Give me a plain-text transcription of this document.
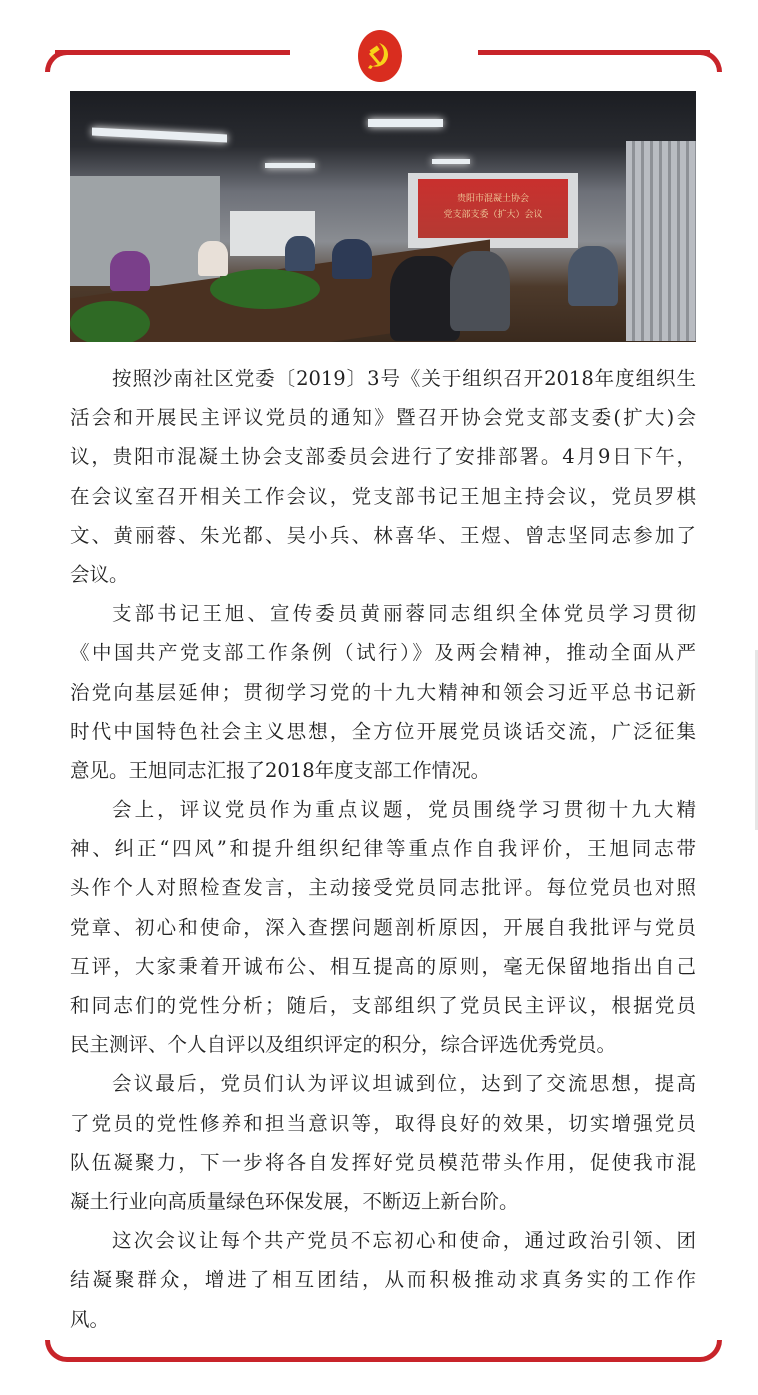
贵阳市混凝土协会
党支部支委（扩大）会议
按照沙南社区党委〔2019〕3号《关于组织召开2018年度组织生
活会和开展民主评议党员的通知》暨召开协会党支部支委(扩大)会
议，贵阳市混凝土协会支部委员会进行了安排部署。4月9日下午，
在会议室召开相关工作会议，党支部书记王旭主持会议，党员罗棋
文、黄丽蓉、朱光都、吴小兵、林喜华、王煜、曾志坚同志参加了
会议。
支部书记王旭、宣传委员黄丽蓉同志组织全体党员学习贯彻
《中国共产党支部工作条例（试行）》及两会精神，推动全面从严
治党向基层延伸；贯彻学习党的十九大精神和领会习近平总书记新
时代中国特色社会主义思想，全方位开展党员谈话交流，广泛征集
意见。王旭同志汇报了2018年度支部工作情况。
会上，评议党员作为重点议题，党员围绕学习贯彻十九大精
神、纠正“四风”和提升组织纪律等重点作自我评价，王旭同志带
头作个人对照检查发言，主动接受党员同志批评。每位党员也对照
党章、初心和使命，深入查摆问题剖析原因，开展自我批评与党员
互评，大家秉着开诚布公、相互提高的原则，毫无保留地指出自己
和同志们的党性分析；随后，支部组织了党员民主评议，根据党员
民主测评、个人自评以及组织评定的积分，综合评选优秀党员。
会议最后，党员们认为评议坦诚到位，达到了交流思想，提高
了党员的党性修养和担当意识等，取得良好的效果，切实增强党员
队伍凝聚力，下一步将各自发挥好党员模范带头作用，促使我市混
凝土行业向高质量绿色环保发展，不断迈上新台阶。
这次会议让每个共产党员不忘初心和使命，通过政治引领、团
结凝聚群众，增进了相互团结，从而积极推动求真务实的工作作
风。
